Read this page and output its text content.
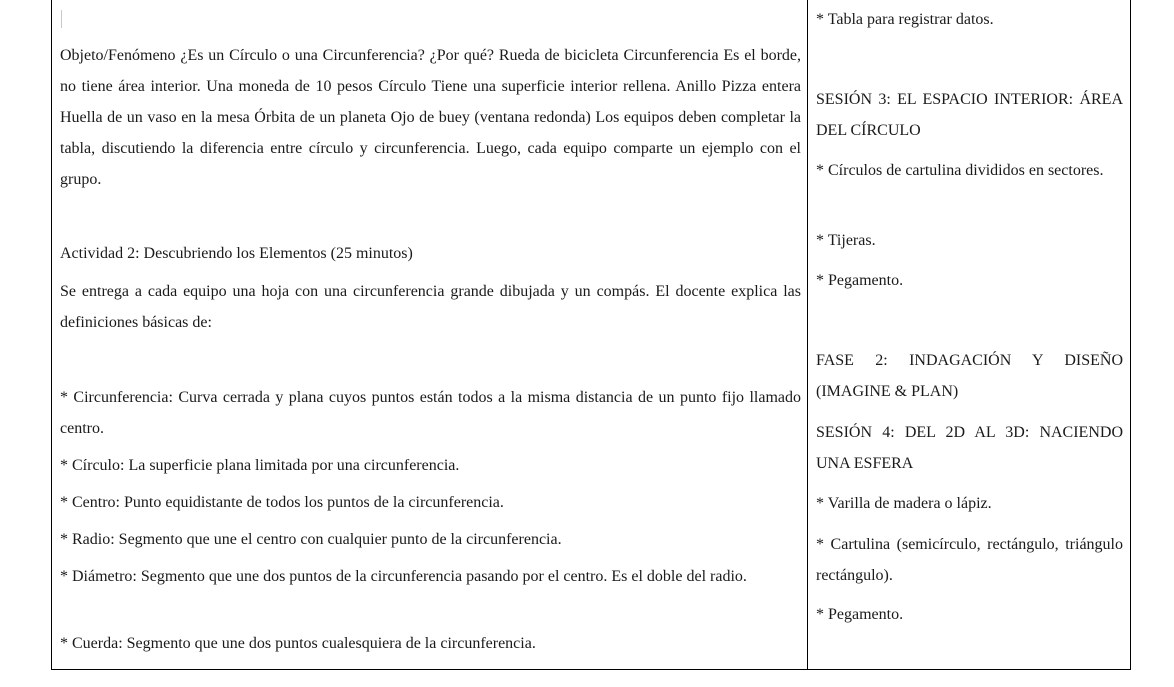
Objeto/Fenómeno ¿Es un Círculo o una Circunferencia? ¿Por qué? Rueda de bicicleta Circunferencia Es el borde, no tiene área interior. Una moneda de 10 pesos Círculo Tiene una superficie interior rellena. Anillo Pizza entera Huella de un vaso en la mesa Órbita de un planeta Ojo de buey (ventana redonda) Los equipos deben completar la tabla, discutiendo la diferencia entre círculo y circunferencia. Luego, cada equipo comparte un ejemplo con el grupo.

Actividad 2: Descubriendo los Elementos (25 minutos)

Se entrega a cada equipo una hoja con una circunferencia grande dibujada y un compás. El docente explica las definiciones básicas de:

* Circunferencia: Curva cerrada y plana cuyos puntos están todos a la misma distancia de un punto fijo llamado centro.

* Círculo: La superficie plana limitada por una circunferencia.

* Centro: Punto equidistante de todos los puntos de la circunferencia.

* Radio: Segmento que une el centro con cualquier punto de la circunferencia.

* Diámetro: Segmento que une dos puntos de la circunferencia pasando por el centro. Es el doble del radio.

* Cuerda: Segmento que une dos puntos cualesquiera de la circunferencia.

* Tabla para registrar datos.

SESIÓN 3: EL ESPACIO INTERIOR: ÁREA DEL CÍRCULO

* Círculos de cartulina divididos en sectores.

* Tijeras.

* Pegamento.

FASE 2: INDAGACIÓN Y DISEÑO (IMAGINE & PLAN)

SESIÓN 4: DEL 2D AL 3D: NACIENDO UNA ESFERA

* Varilla de madera o lápiz.

* Cartulina (semicírculo, rectángulo, triángulo rectángulo).

* Pegamento.
